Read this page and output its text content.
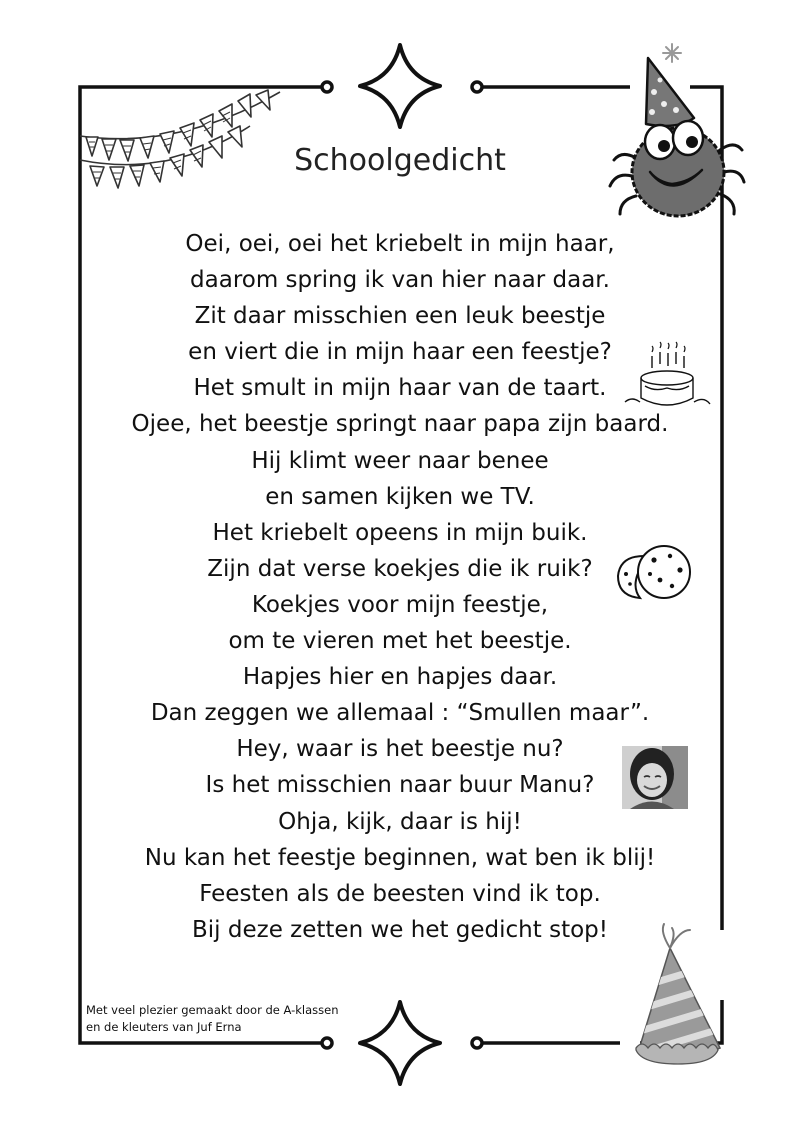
Schoolgedicht
Oei, oei, oei het kriebelt in mijn haar,
daarom spring ik van hier naar daar.
Zit daar misschien een leuk beestje
en viert die in mijn haar een feestje?
Het smult in mijn haar van de taart.
Ojee, het beestje springt naar papa zijn baard.
Hij klimt weer naar benee
en samen kijken we TV.
Het kriebelt opeens in mijn buik.
Zijn dat verse koekjes die ik ruik?
Koekjes voor mijn feestje,
om te vieren met het beestje.
Hapjes hier en hapjes daar.
Dan zeggen we allemaal : “Smullen maar”.
Hey, waar is het beestje nu?
Is het misschien naar buur Manu?
Ohja, kijk, daar is hij!
Nu kan het feestje beginnen, wat ben ik blij!
Feesten als de beesten vind ik top.
Bij deze zetten we het gedicht stop!
Met veel plezier gemaakt door de A-klassen
en de kleuters van Juf Erna
